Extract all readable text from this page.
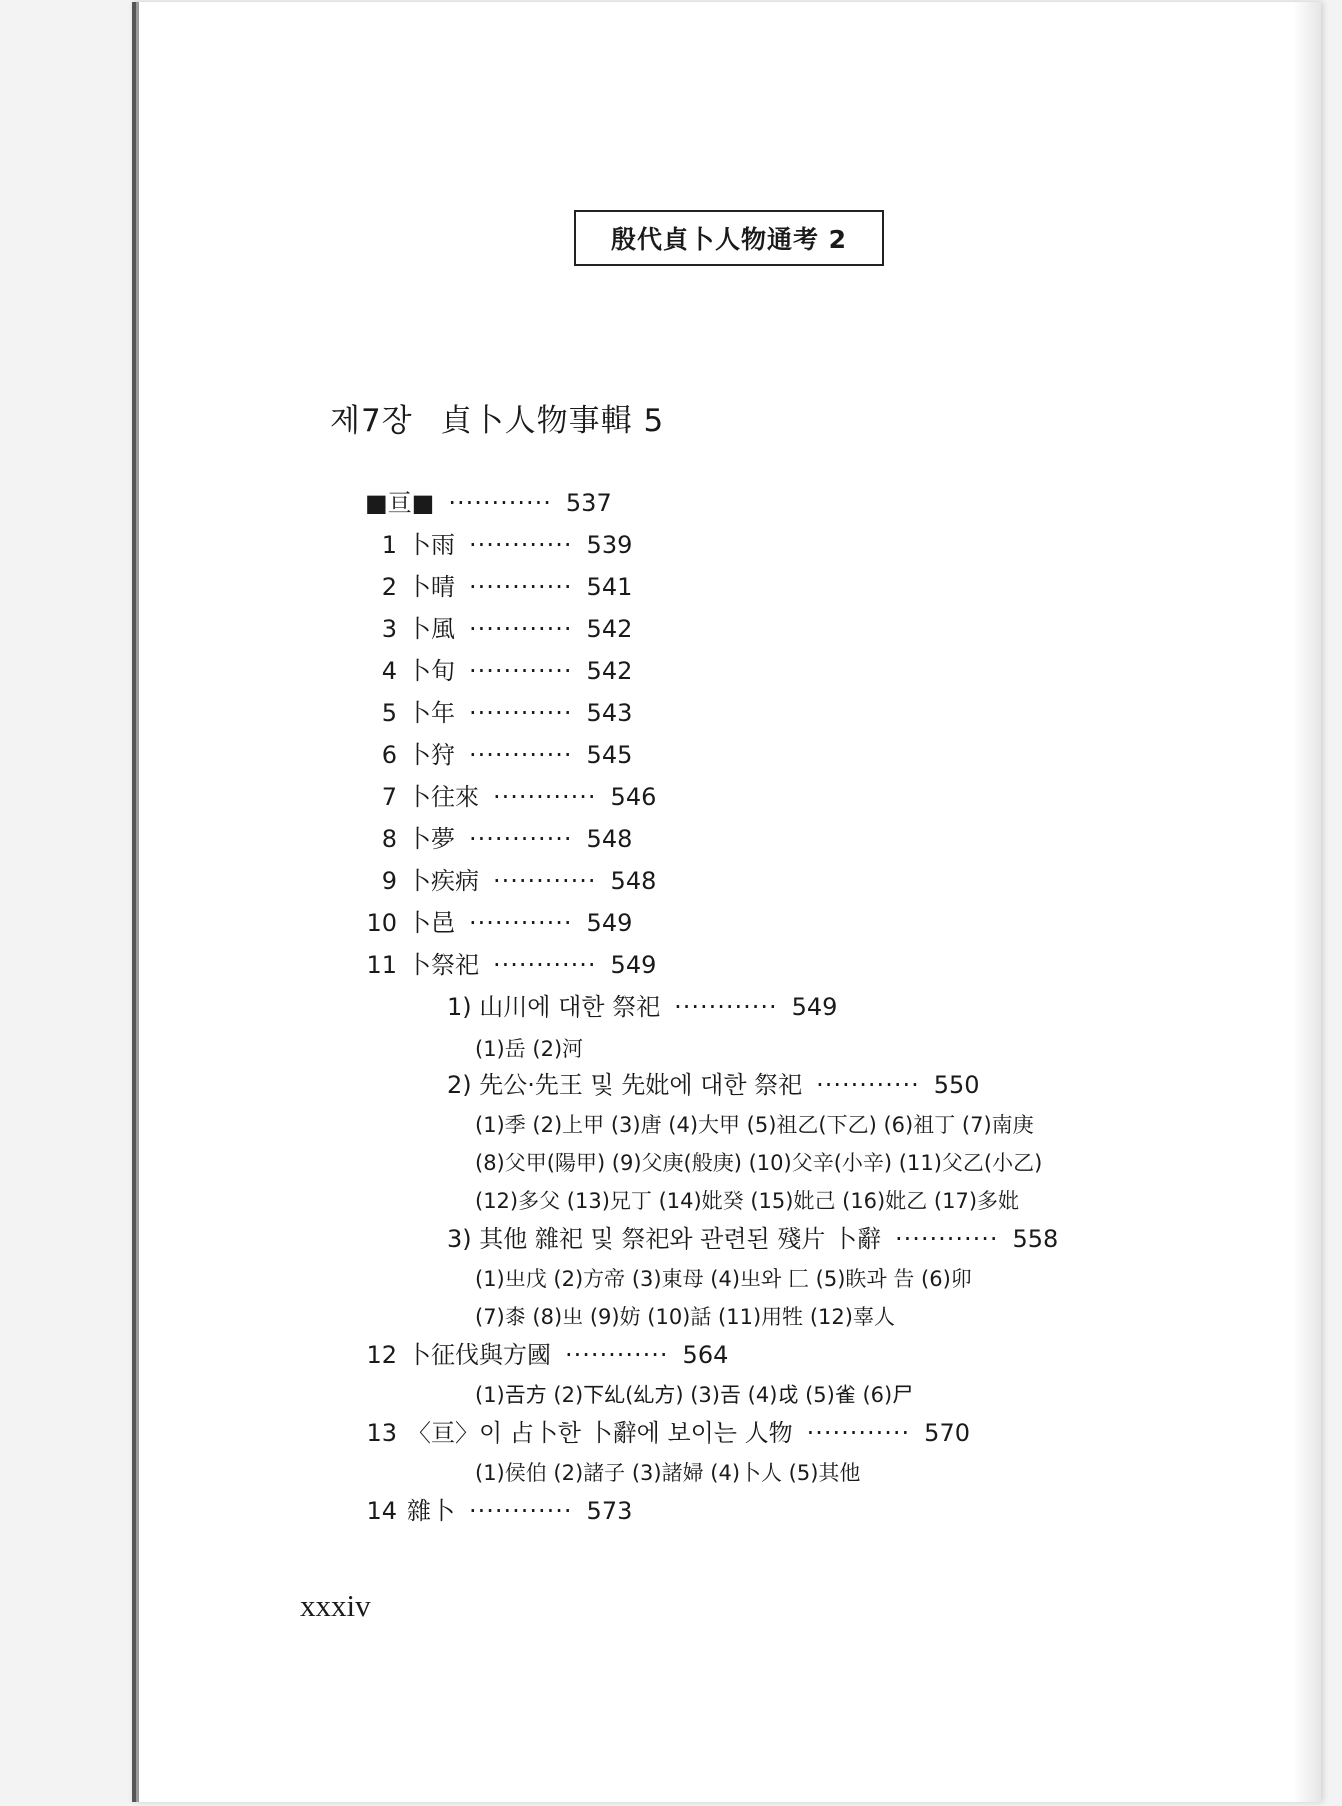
殷代貞卜人物通考 2
제7장 貞卜人物事輯 5
■亘■ ············ 537
1 卜雨 ············ 539
2 卜晴 ············ 541
3 卜風 ············ 542
4 卜旬 ············ 542
5 卜年 ············ 543
6 卜狩 ············ 545
7 卜往來 ············ 546
8 卜夢 ············ 548
9 卜疾病 ············ 548
10 卜邑 ············ 549
11 卜祭祀 ············ 549
1) 山川에 대한 祭祀 ············ 549
(1)岳 (2)河
2) 先公·先王 및 先妣에 대한 祭祀 ············ 550
(1)季 (2)上甲 (3)唐 (4)大甲 (5)祖乙(下乙) (6)祖丁 (7)南庚
(8)父甲(陽甲) (9)父庚(般庚) (10)父辛(小辛) (11)父乙(小乙)
(12)多父 (13)兄丁 (14)妣癸 (15)妣己 (16)妣乙 (17)多妣
3) 其他 雜祀 및 祭祀와 관련된 殘片 卜辭 ············ 558
(1)㞢戊 (2)方帝 (3)東母 (4)㞢와 匚 (5)䀢과 告 (6)卯
(7)桼 (8)㞢 (9)妨 (10)話 (11)用牲 (12)辜人
12 卜征伐與方國 ············ 564
(1)𢀛方 (2)下乣(乣方) (3)𢀛 (4)戉 (5)雀 (6)尸
13 〈亘〉이 占卜한 卜辭에 보이는 人物 ············ 570
(1)侯伯 (2)諸子 (3)諸婦 (4)卜人 (5)其他
14 雜卜 ············ 573
xxxiv
